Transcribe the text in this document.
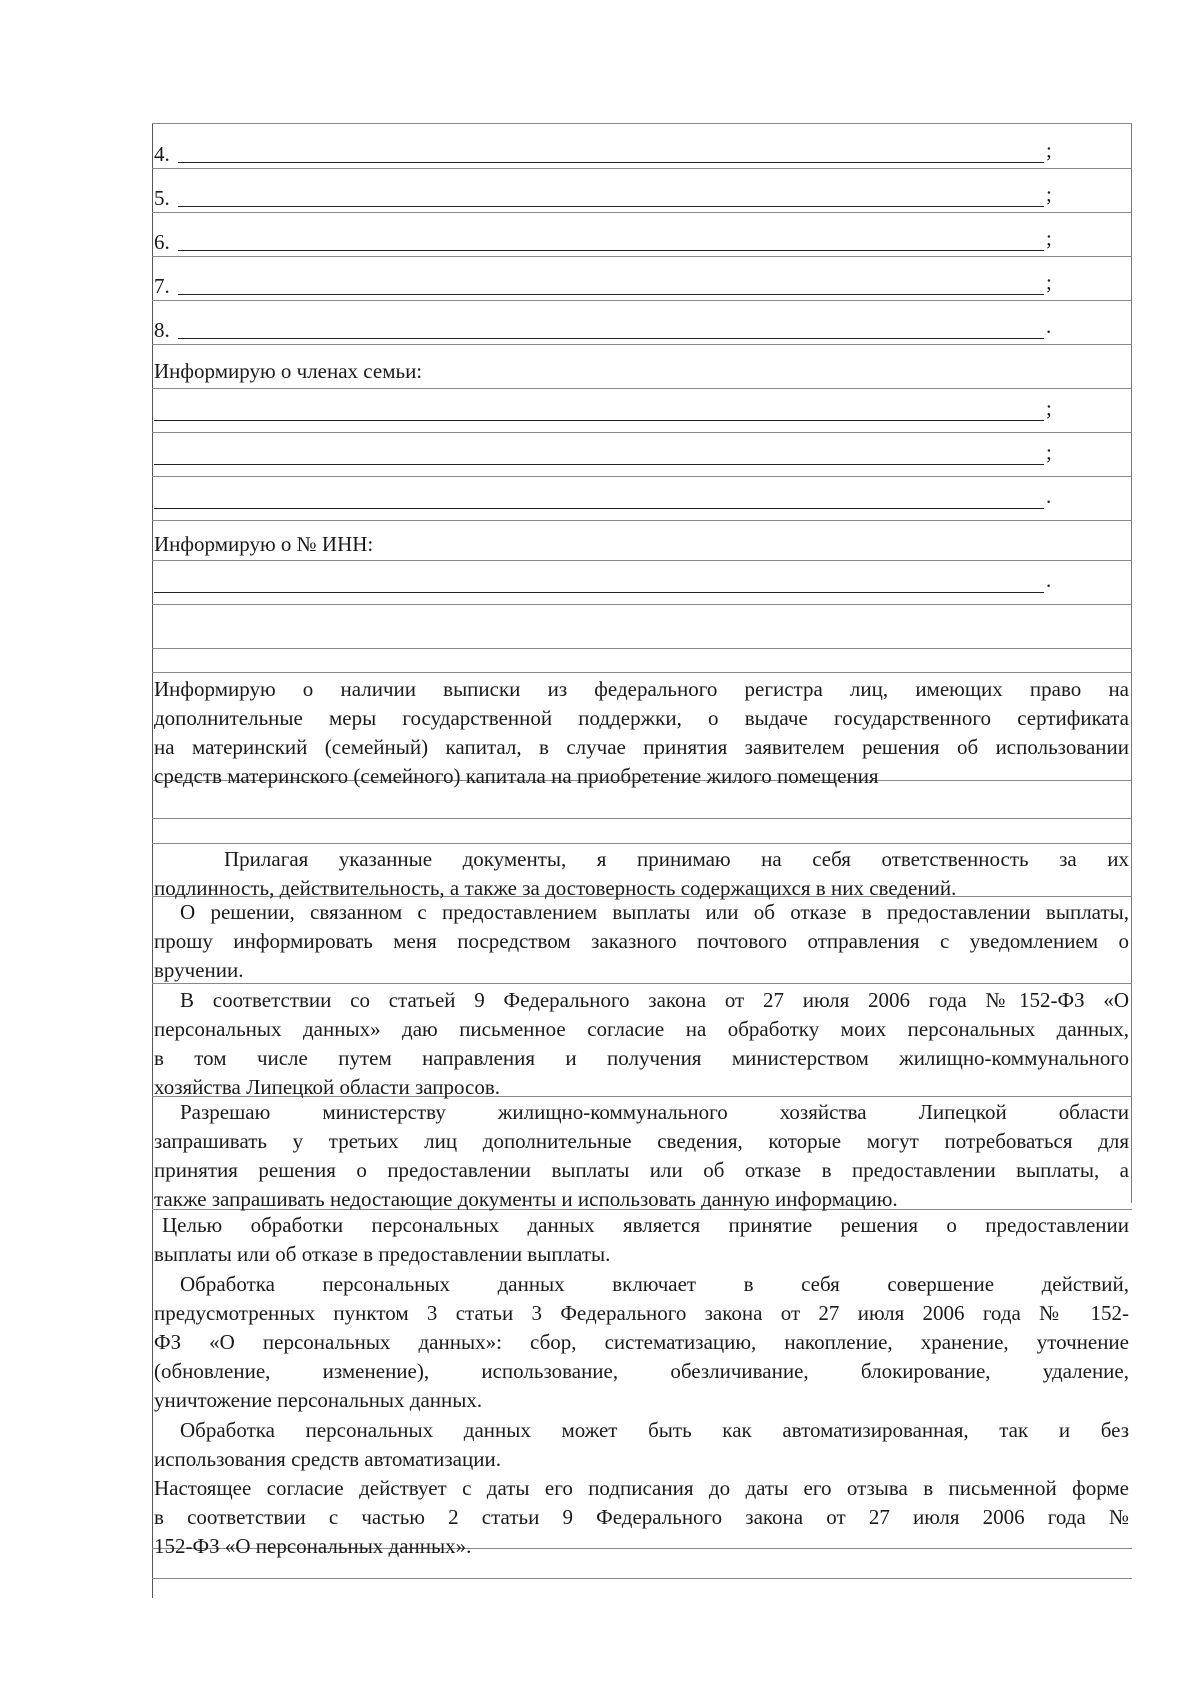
4.	;
5.	;
6.	;
7.	;
8.	.
Информирую о членах семьи:
;
;
.
Информирую о № ИНН:
.
Информирую о наличии выписки из федерального регистра лиц, имеющих право на
дополнительные меры государственной поддержки, о выдаче государственного сертификата
на материнский (семейный) капитал, в случае принятия заявителем решения об использовании
средств материнского (семейного) капитала на приобретение жилого помещения
Прилагая указанные документы, я принимаю на себя ответственность за их
подлинность, действительность, а также за достоверность содержащихся в них сведений.
О решении, связанном с предоставлением выплаты или об отказе в предоставлении выплаты,
прошу информировать меня посредством заказного почтового отправления с уведомлением о
вручении.
В соответствии со статьей 9 Федерального закона от 27 июля 2006 года №152-ФЗ «О
персональных данных» даю письменное согласие на обработку моих персональных данных,
в том числе путем направления и получения министерством жилищно-коммунального
хозяйства Липецкой области запросов.
Разрешаю министерству жилищно-коммунального хозяйства Липецкой области
запрашивать у третьих лиц дополнительные сведения, которые могут потребоваться для
принятия решения о предоставлении выплаты или об отказе в предоставлении выплаты, а
также запрашивать недостающие документы и использовать данную информацию.
Целью обработки персональных данных является принятие решения о предоставлении
выплаты или об отказе в предоставлении выплаты.
Обработка персональных данных включает в себя совершение действий,
предусмотренных пунктом 3 статьи 3 Федерального закона от 27 июля 2006 года № 152-
ФЗ «О персональных данных»: сбор, систематизацию, накопление, хранение, уточнение
(обновление, изменение), использование, обезличивание, блокирование, удаление,
уничтожение персональных данных.
Обработка персональных данных может быть как автоматизированная, так и без
использования средств автоматизации.
Настоящее согласие действует с даты его подписания до даты его отзыва в письменной форме
в соответствии с частью 2 статьи 9 Федерального закона от 27 июля 2006 года №
152-ФЗ «О персональных данных».
